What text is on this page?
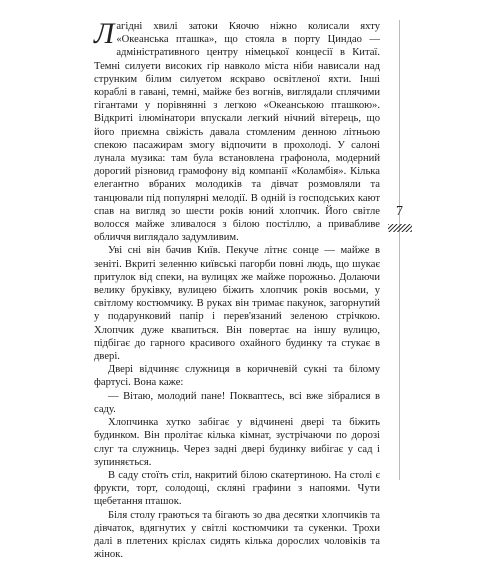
Лагідні хвилі затоки Кяочю ніжно колисали яхту «Океанська пташка», що стояла в порту Циндао — адміністративного центру німецької концесії в Китаї. Темні силуети високих гір навколо міста ніби нависали над струнким білим силуетом яскраво освітленої яхти. Інші кораблі в гавані, темні, майже без вогнів, виглядали сплячими гігантами у порівнянні з легкою «Океанською пташкою». Відкриті ілюмінатори впускали легкий нічний вітерець, що його приємна свіжість давала стомленим денною літньою спекою пасажирам змогу відпочити в прохолоді. У салоні лунала музика: там була встановлена графонола, модерний дорогий різновид грамофону від компанії «Коламбія». Кілька елегантно вбраних молодиків та дівчат розмовляли та танцювали під популярні мелодії. В одній із господських кают спав на вигляд зо шести років юний хлопчик. Його світле волосся майже зливалося з білою постіллю, а привабливе обличчя виглядало задумливим.

Уві сні він бачив Київ. Пекуче літнє сонце — майже в зеніті. Вкриті зеленню київські пагорби повні людь, що шукає притулок від спеки, на вулицях же майже порожньо. Долаючи велику бруківку, вулицею біжить хлопчик років восьми, у світлому костюмчику. В руках він тримає пакунок, загорнутий у подарунковий папір і перев'язаний зеленою стрічкою. Хлопчик дуже квапиться. Він повертає на іншу вулицю, підбігає до гарного красивого охайного будинку та стукає в двері.

Двері відчиняє служниця в коричневій сукні та білому фартусі. Вона каже:

— Вітаю, молодий пане! Покваптесь, всі вже зібралися в саду.

Хлопчинка хутко забігає у відчинені двері та біжить будинком. Він пролітає кілька кімнат, зустрічаючи по дорозі слуг та служниць. Через задні двері будинку вибігає у сад і зупиняється.

В саду стоїть стіл, накритий білою скатертиною. На столі є фрукти, торт, солодощі, скляні графини з напоями. Чути щебетання пташок.

Біля столу граються та бігають зо два десятки хлопчиків та дівчаток, вдягнутих у світлі костюмчики та сукенки. Трохи далі в плетених кріслах сидять кілька дорослих чоловіків та жінок.

7
